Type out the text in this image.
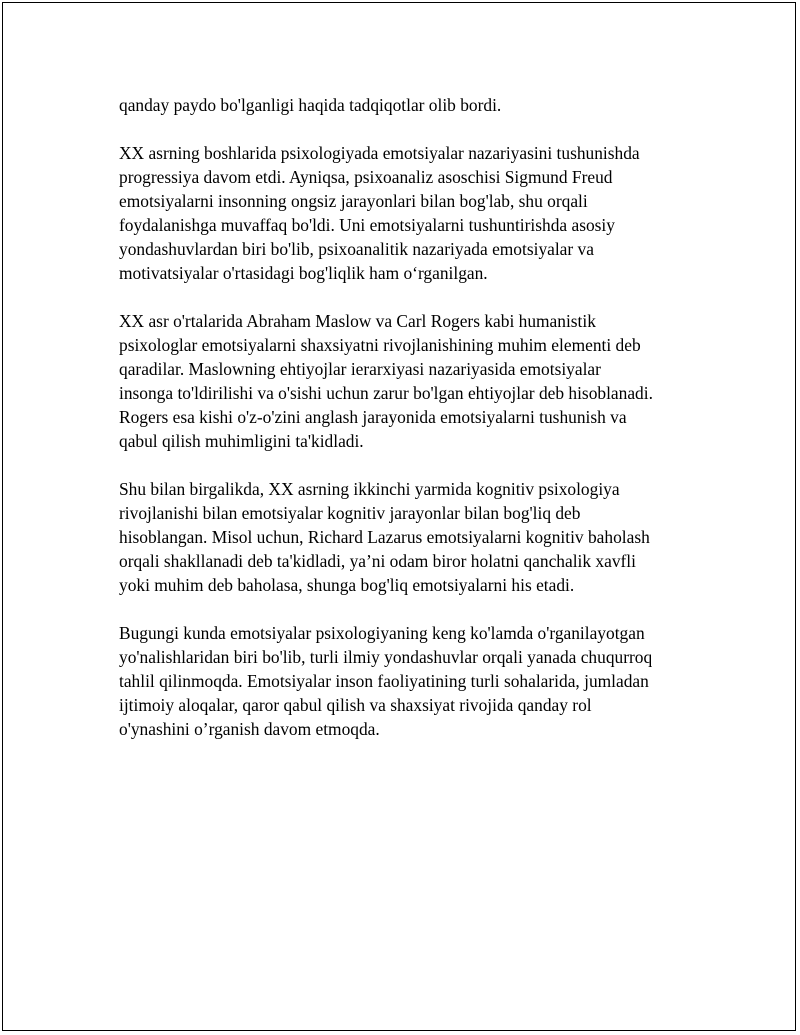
qanday paydo bo'lganligi haqida tadqiqotlar olib bordi.

XX asrning boshlarida psixologiyada emotsiyalar nazariyasini tushunishda
progressiya davom etdi. Ayniqsa, psixoanaliz asoschisi Sigmund Freud
emotsiyalarni insonning ongsiz jarayonlari bilan bog'lab, shu orqali
foydalanishga muvaffaq bo'ldi. Uni emotsiyalarni tushuntirishda asosiy
yondashuvlardan biri bo'lib, psixoanalitik nazariyada emotsiyalar va
motivatsiyalar o'rtasidagi bog'liqlik ham o‘rganilgan.

XX asr o'rtalarida Abraham Maslow va Carl Rogers kabi humanistik
psixologlar emotsiyalarni shaxsiyatni rivojlanishining muhim elementi deb
qaradilar. Maslowning ehtiyojlar ierarxiyasi nazariyasida emotsiyalar
insonga to'ldirilishi va o'sishi uchun zarur bo'lgan ehtiyojlar deb hisoblanadi.
Rogers esa kishi o'z-o'zini anglash jarayonida emotsiyalarni tushunish va
qabul qilish muhimligini ta'kidladi.

Shu bilan birgalikda, XX asrning ikkinchi yarmida kognitiv psixologiya
rivojlanishi bilan emotsiyalar kognitiv jarayonlar bilan bog'liq deb
hisoblangan. Misol uchun, Richard Lazarus emotsiyalarni kognitiv baholash
orqali shakllanadi deb ta'kidladi, ya’ni odam biror holatni qanchalik xavfli
yoki muhim deb baholasa, shunga bog'liq emotsiyalarni his etadi.

Bugungi kunda emotsiyalar psixologiyaning keng ko'lamda o'rganilayotgan
yo'nalishlaridan biri bo'lib, turli ilmiy yondashuvlar orqali yanada chuqurroq
tahlil qilinmoqda. Emotsiyalar inson faoliyatining turli sohalarida, jumladan
ijtimoiy aloqalar, qaror qabul qilish va shaxsiyat rivojida qanday rol
o'ynashini o’rganish davom etmoqda.
